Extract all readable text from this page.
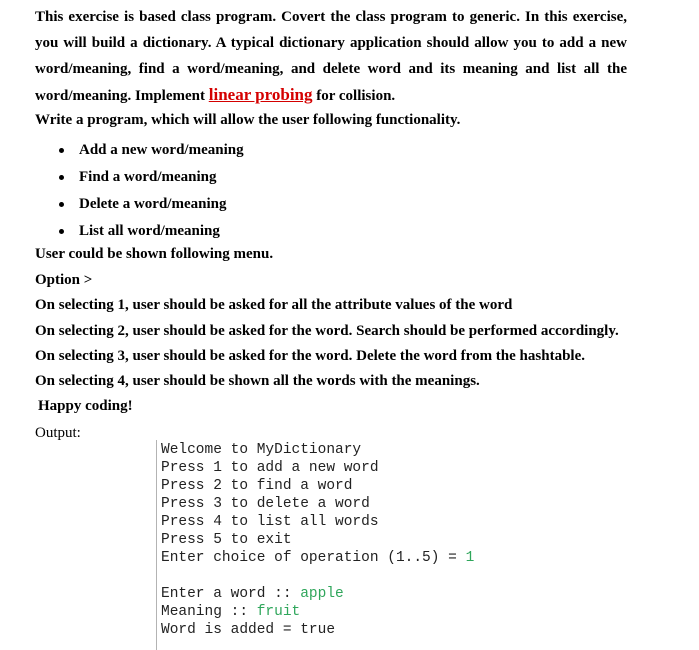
This exercise is based class program. Covert the class program to generic. In this exercise, you will build a dictionary. A typical dictionary application should allow you to add a new word/meaning, find a word/meaning, and delete word and its meaning and list all the word/meaning. Implement linear probing for collision.

Write a program, which will allow the user following functionality.
Add a new word/meaning
Find a word/meaning
Delete a word/meaning
List all word/meaning
User could be shown following menu.
Option >
On selecting 1, user should be asked for all the attribute values of the word
On selecting 2, user should be asked for the word. Search should be performed accordingly.
On selecting 3, user should be asked for the word. Delete the word from the hashtable.
On selecting 4, user should be shown all the words with the meanings.
Happy coding!
Output:
Welcome to MyDictionary
Press 1 to add a new word
Press 2 to find a word
Press 3 to delete a word
Press 4 to list all words
Press 5 to exit
Enter choice of operation (1..5) = 1
Enter a word :: apple
Meaning :: fruit
Word is added = true
